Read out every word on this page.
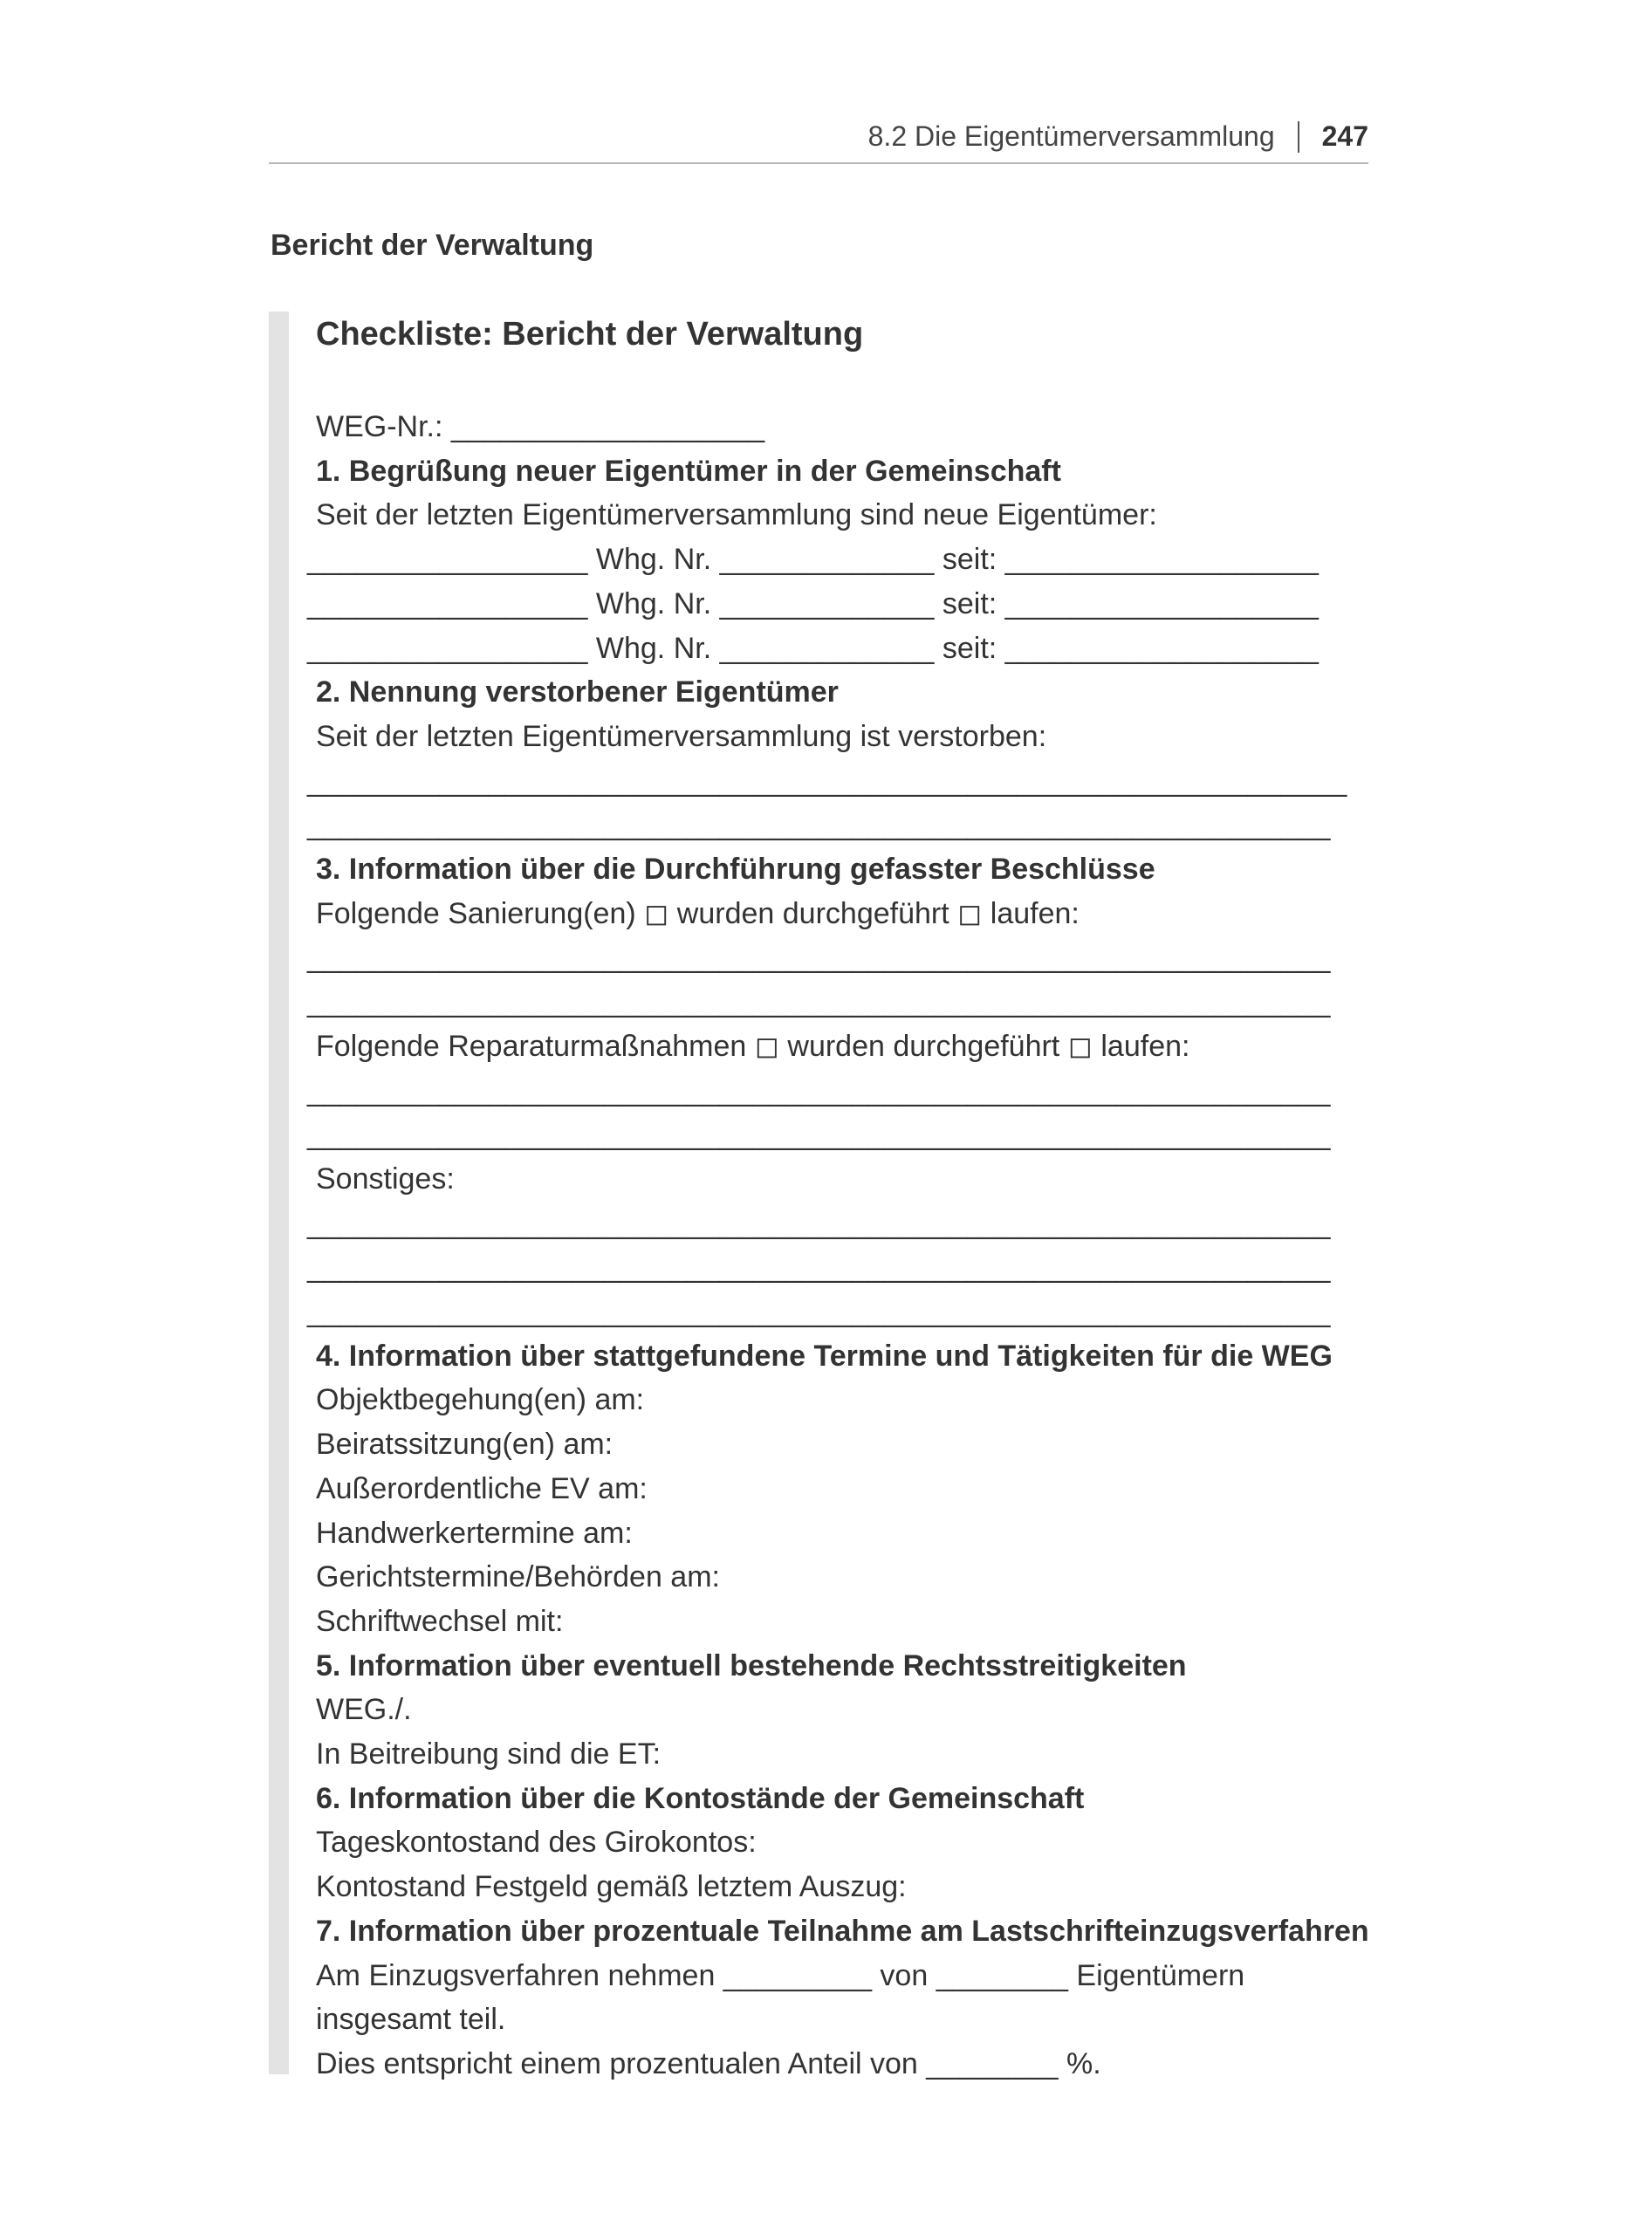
8.2 Die Eigentümerversammlung 247
Bericht der Verwaltung
Checkliste: Bericht der Verwaltung
WEG-Nr.: ___________________
1. Begrüßung neuer Eigentümer in der Gemeinschaft
Seit der letzten Eigentümerversammlung sind neue Eigentümer:
_________________ Whg. Nr. _____________ seit: ___________________
_________________ Whg. Nr. _____________ seit: ___________________
_________________ Whg. Nr. _____________ seit: ___________________
2. Nennung verstorbener Eigentümer
Seit der letzten Eigentümerversammlung ist verstorben:
_______________________________________________________________
______________________________________________________________
3. Information über die Durchführung gefasster Beschlüsse
Folgende Sanierung(en) ◻ wurden durchgeführt ◻ laufen:
______________________________________________________________
______________________________________________________________
Folgende Reparaturmaßnahmen ◻ wurden durchgeführt ◻ laufen:
______________________________________________________________
______________________________________________________________
Sonstiges:
______________________________________________________________
______________________________________________________________
______________________________________________________________
4. Information über stattgefundene Termine und Tätigkeiten für die WEG
Objektbegehung(en) am:
Beiratssitzung(en) am:
Außerordentliche EV am:
Handwerkertermine am:
Gerichtstermine/Behörden am:
Schriftwechsel mit:
5. Information über eventuell bestehende Rechtsstreitigkeiten
WEG./.
In Beitreibung sind die ET:
6. Information über die Kontostände der Gemeinschaft
Tageskontostand des Girokontos:
Kontostand Festgeld gemäß letztem Auszug:
7. Information über prozentuale Teilnahme am Lastschrifteinzugsverfahren
Am Einzugsverfahren nehmen _________ von ________ Eigentümern
insgesamt teil.
Dies entspricht einem prozentualen Anteil von ________ %.
